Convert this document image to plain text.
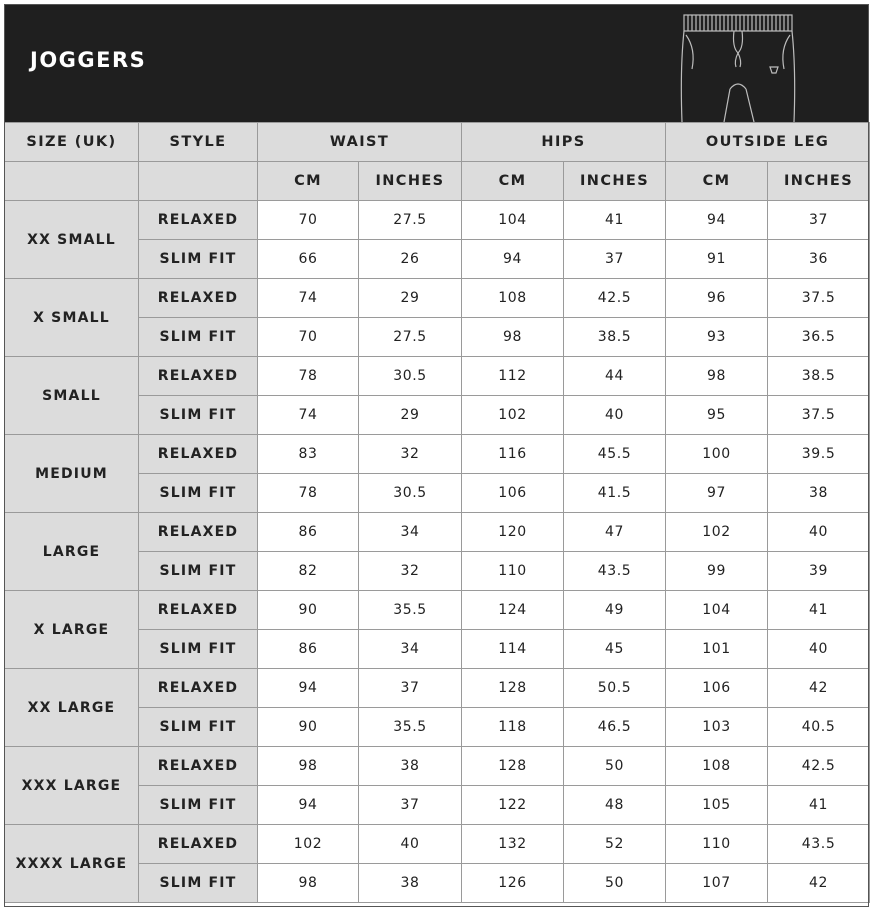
JOGGERS
SIZE (UK)	STYLE	WAIST		HIPS		OUTSIDE LEG	
		CM	INCHES	CM	INCHES	CM	INCHES
XX SMALL	RELAXED	70	27.5	104	41	94	37
	SLIM FIT	66	26	94	37	91	36
X SMALL	RELAXED	74	29	108	42.5	96	37.5
	SLIM FIT	70	27.5	98	38.5	93	36.5
SMALL	RELAXED	78	30.5	112	44	98	38.5
	SLIM FIT	74	29	102	40	95	37.5
MEDIUM	RELAXED	83	32	116	45.5	100	39.5
	SLIM FIT	78	30.5	106	41.5	97	38
LARGE	RELAXED	86	34	120	47	102	40
	SLIM FIT	82	32	110	43.5	99	39
X LARGE	RELAXED	90	35.5	124	49	104	41
	SLIM FIT	86	34	114	45	101	40
XX LARGE	RELAXED	94	37	128	50.5	106	42
	SLIM FIT	90	35.5	118	46.5	103	40.5
XXX LARGE	RELAXED	98	38	128	50	108	42.5
	SLIM FIT	94	37	122	48	105	41
XXXX LARGE	RELAXED	102	40	132	52	110	43.5
	SLIM FIT	98	38	126	50	107	42
